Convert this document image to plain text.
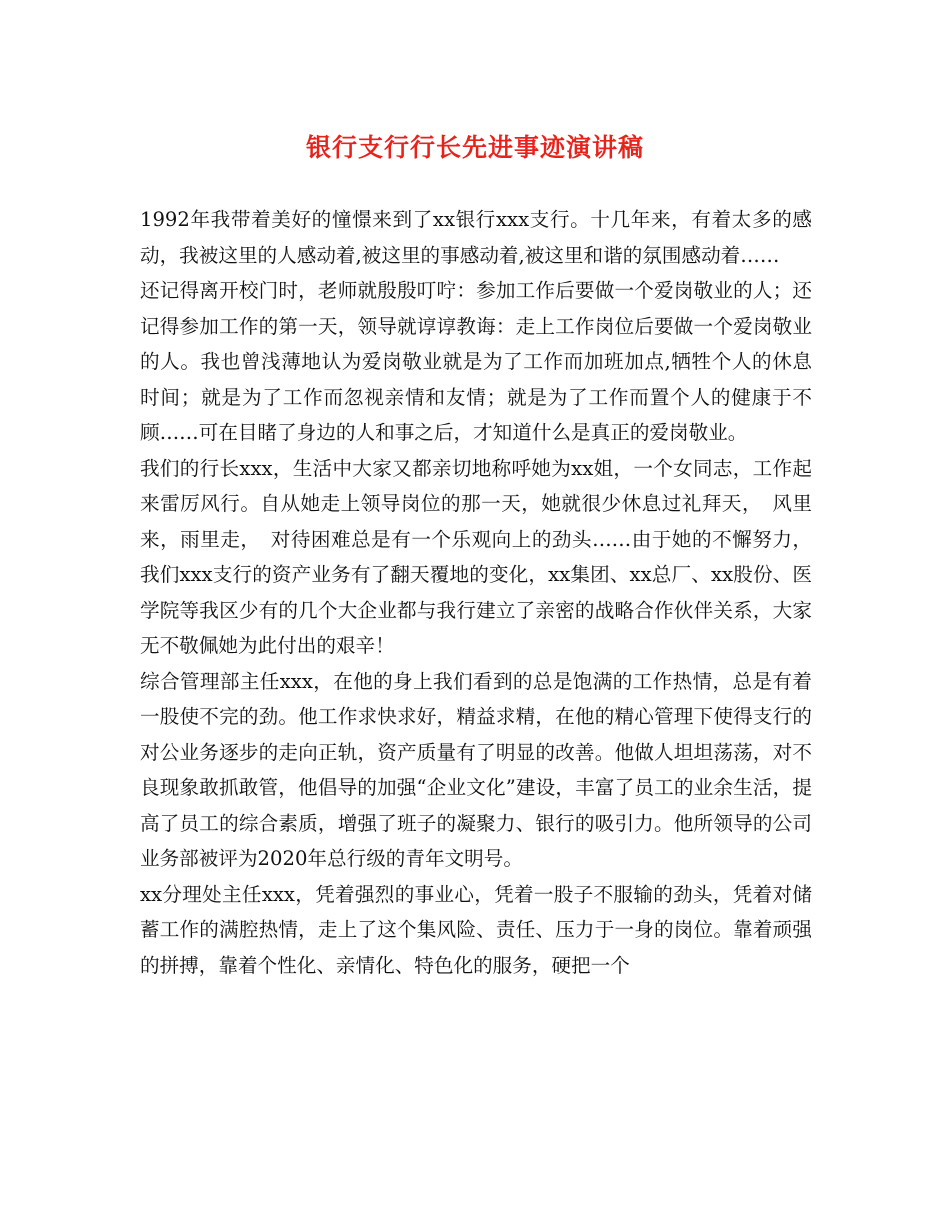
银行支行行长先进事迹演讲稿

1992年我带着美好的憧憬来到了xx银行xxx支行。十几年来，有着太多的感动，我被这里的人感动着,被这里的事感动着,被这里和谐的氛围感动着……

还记得离开校门时，老师就殷殷叮咛：参加工作后要做一个爱岗敬业的人；还记得参加工作的第一天，领导就谆谆教诲：走上工作岗位后要做一个爱岗敬业的人。我也曾浅薄地认为爱岗敬业就是为了工作而加班加点,牺牲个人的休息时间；就是为了工作而忽视亲情和友情；就是为了工作而置个人的健康于不顾……可在目睹了身边的人和事之后，才知道什么是真正的爱岗敬业。

我们的行长xxx，生活中大家又都亲切地称呼她为xx姐，一个女同志，工作起来雷厉风行。自从她走上领导岗位的那一天，她就很少休息过礼拜天，　风里来，雨里走，　对待困难总是有一个乐观向上的劲头……由于她的不懈努力，我们xxx支行的资产业务有了翻天覆地的变化，xx集团、xx总厂、xx股份、医学院等我区少有的几个大企业都与我行建立了亲密的战略合作伙伴关系，大家无不敬佩她为此付出的艰辛！

综合管理部主任xxx，在他的身上我们看到的总是饱满的工作热情，总是有着一股使不完的劲。他工作求快求好，精益求精，在他的精心管理下使得支行的对公业务逐步的走向正轨，资产质量有了明显的改善。他做人坦坦荡荡，对不良现象敢抓敢管，他倡导的加强“企业文化”建设，丰富了员工的业余生活，提高了员工的综合素质，增强了班子的凝聚力、银行的吸引力。他所领导的公司业务部被评为2020年总行级的青年文明号。

xx分理处主任xxx，凭着强烈的事业心，凭着一股子不服输的劲头，凭着对储蓄工作的满腔热情，走上了这个集风险、责任、压力于一身的岗位。靠着顽强的拼搏，靠着个性化、亲情化、特色化的服务，硬把一个
